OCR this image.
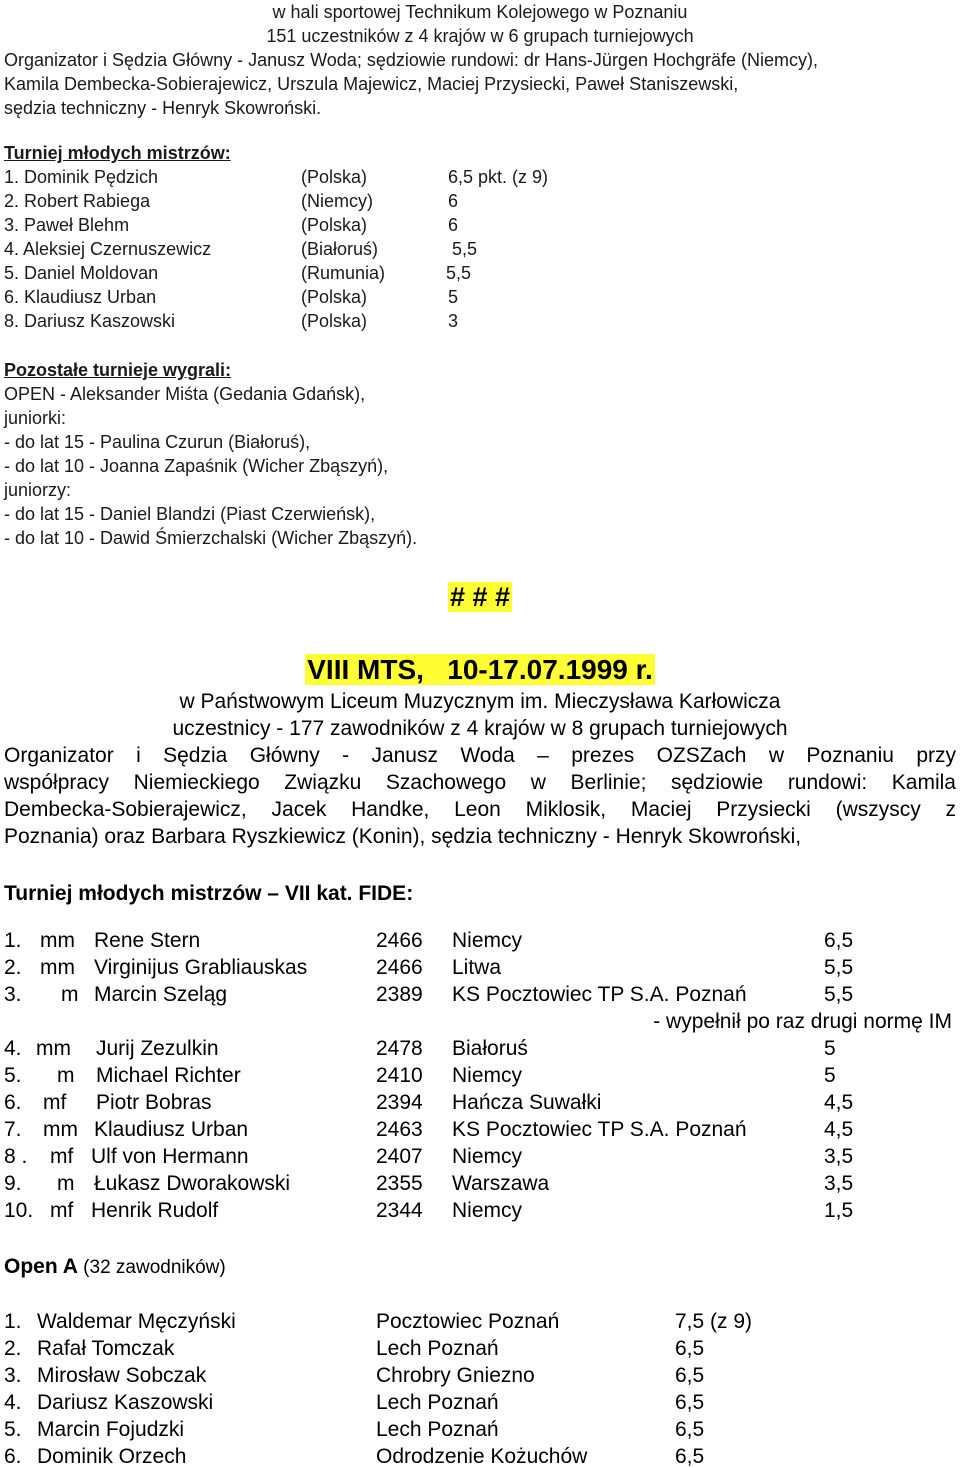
w hali sportowej Technikum Kolejowego w Poznaniu
151 uczestników z 4 krajów w 6 grupach turniejowych
Organizator i Sędzia Główny - Janusz Woda; sędziowie rundowi: dr Hans-Jürgen Hochgräfe (Niemcy),
Kamila Dembecka-Sobierajewicz, Urszula Majewicz, Maciej Przysiecki, Paweł Staniszewski,
sędzia techniczny - Henryk Skowroński.
Turniej młodych mistrzów:
1. Dominik Pędzich	(Polska)	6,5 pkt. (z 9)
2. Robert Rabiega	(Niemcy)	6
3. Paweł Blehm	(Polska)	6
4. Aleksiej Czernuszewicz	(Białoruś)	5,5
5. Daniel Moldovan	(Rumunia)	5,5
6. Klaudiusz Urban	(Polska)	5
8. Dariusz Kaszowski	(Polska)	3
Pozostałe turnieje wygrali:
OPEN - Aleksander Miśta (Gedania Gdańsk),
juniorki:
- do lat 15 - Paulina Czurun (Białoruś),
- do lat 10 - Joanna Zapaśnik (Wicher Zbąszyń),
juniorzy:
- do lat 15 - Daniel Blandzi (Piast Czerwieńsk),
- do lat 10 - Dawid Śmierzchalski (Wicher Zbąszyń).
# # #
VIII MTS,   10-17.07.1999 r.
w Państwowym Liceum Muzycznym im. Mieczysława Karłowicza
uczestnicy - 177 zawodników z 4 krajów w 8 grupach turniejowych
Organizator i Sędzia Główny - Janusz Woda – prezes OZSZach w Poznaniu przy
współpracy Niemieckiego Związku Szachowego w Berlinie; sędziowie rundowi: Kamila
Dembecka-Sobierajewicz, Jacek Handke, Leon Miklosik, Maciej Przysiecki (wszyscy z
Poznania) oraz Barbara Ryszkiewicz (Konin), sędzia techniczny - Henryk Skowroński,
Turniej młodych mistrzów – VII kat. FIDE:
1. mm Rene Stern	2466 Niemcy	6,5
2. mm Virginijus Grabliauskas	2466 Litwa	5,5
3. m Marcin Szeląg	2389 KS Pocztowiec TP S.A. Poznań	5,5
- wypełnił po raz drugi normę IM
4. mm Jurij Zezulkin	2478 Białoruś	5
5. m Michael Richter	2410 Niemcy	5
6. mf Piotr Bobras	2394 Hańcza Suwałki	4,5
7. mm Klaudiusz Urban	2463 KS Pocztowiec TP S.A. Poznań	4,5
8 . mf Ulf von Hermann	2407 Niemcy	3,5
9. m Łukasz Dworakowski	2355 Warszawa	3,5
10. mf Henrik Rudolf	2344 Niemcy	1,5
Open A (32 zawodników)
1. Waldemar Męczyński	Pocztowiec Poznań	7,5 (z 9)
2. Rafał Tomczak	Lech Poznań	6,5
3. Mirosław Sobczak	Chrobry Gniezno	6,5
4. Dariusz Kaszowski	Lech Poznań	6,5
5. Marcin Fojudzki	Lech Poznań	6,5
6. Dominik Orzech	Odrodzenie Kożuchów	6,5
